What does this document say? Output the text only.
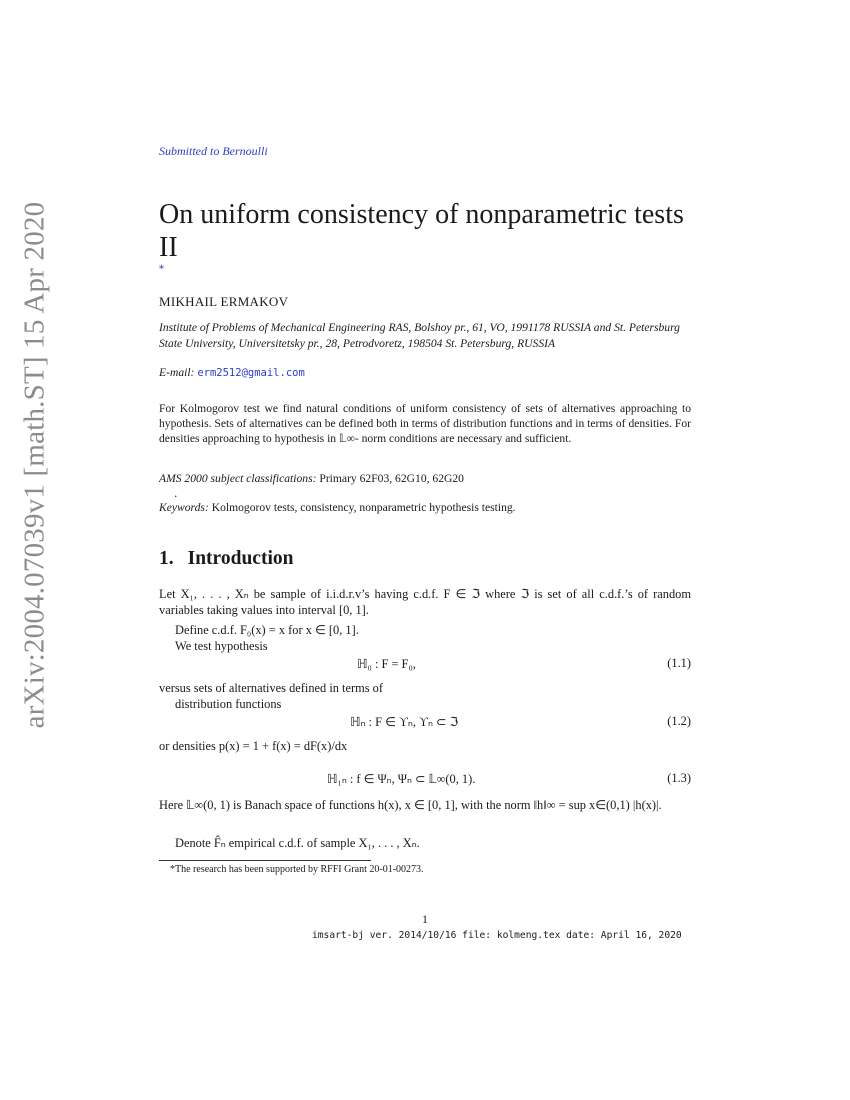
arXiv:2004.07039v1 [math.ST] 15 Apr 2020
Submitted to Bernoulli
On uniform consistency of nonparametric tests II
*
MIKHAIL ERMAKOV
Institute of Problems of Mechanical Engineering RAS, Bolshoy pr., 61, VO, 1991178 RUSSIA and St. Petersburg State University, Universitetsky pr., 28, Petrodvoretz, 198504 St. Petersburg, RUSSIA
E-mail: erm2512@gmail.com
For Kolmogorov test we find natural conditions of uniform consistency of sets of alternatives approaching to hypothesis. Sets of alternatives can be defined both in terms of distribution functions and in terms of densities. For densities approaching to hypothesis in 𝕃∞- norm conditions are necessary and sufficient.
AMS 2000 subject classifications: Primary 62F03, 62G10, 62G20
.
Keywords: Kolmogorov tests, consistency, nonparametric hypothesis testing.
1. Introduction
Let X₁, . . . , Xₙ be sample of i.i.d.r.v’s having c.d.f. F ∈ ℑ where ℑ is set of all c.d.f.’s of random variables taking values into interval [0, 1].
Define c.d.f. F₀(x) = x for x ∈ [0, 1].
We test hypothesis
ℍ₀ : F = F₀,	(1.1)
versus sets of alternatives defined in terms of
distribution functions
ℍₙ : F ∈ ϒₙ, ϒₙ ⊂ ℑ	(1.2)
or densities p(x) = 1 + f(x) = dF(x)/dx
ℍ₁ₙ : f ∈ Ψₙ, Ψₙ ⊂ 𝕃∞(0, 1).	(1.3)
Here 𝕃∞(0, 1) is Banach space of functions h(x), x ∈ [0, 1], with the norm ‖h‖∞ = sup x∈(0,1) |h(x)|.
Denote F̂ₙ empirical c.d.f. of sample X₁, . . . , Xₙ.
*The research has been supported by RFFI Grant 20-01-00273.
1
imsart-bj ver. 2014/10/16 file: kolmeng.tex date: April 16, 2020
